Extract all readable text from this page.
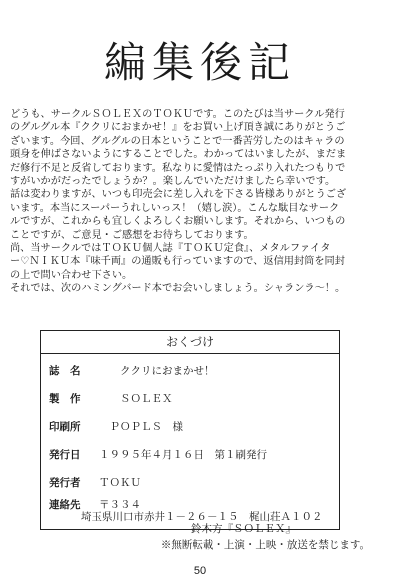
編集後記
どうも、サークルＳＯＬＥＸのＴＯＫＵです。このたびは当サークル発行
のグルグル本『ククリにおまかせ！』をお買い上げ頂き誠にありがとうご
ざいます。今回、グルグルの日本ということで一番苦労したのはキャラの
頭身を伸ばさないようにすることでした。わかってはいましたが、まだま
だ修行不足と反省しております。私なりに愛情はたっぷり入れたつもりで
すがいかがだったでしょうか？。楽しんでいただけましたら幸いです。
話は変わりますが、いつも印売会に差し入れを下さる皆様ありがとうござ
います。本当にスーパーうれしいっス！（嬉し涙）。こんな駄目なサーク
ルですが、これからも宜しくよろしくお願いします。それから、いつもの
ことですが、ご意見・ご感想をお待ちしております。
尚、当サークルではＴＯＫＵ個人誌『ＴＯＫＵ定食』、メタルファイタ
ー♡ＮＩＫＵ本『味千両』の通販も行っていますので、返信用封筒を同封
の上で問い合わせ下さい。
それでは、次のハミングバード本でお会いしましょう。シャランラ〜！。
おくづけ
誌　名　　	ククリにおまかせ！
製　作　　	ＳＯＬＥＸ
印刷所　	ＰＯＰＬＳ　様
発行日 １９９５年４月１６日　第１刷発行
発行者 ＴＯＫＵ
連絡先 〒３３４
埼玉県川口市赤井１－２６－１５　梶山荘Ａ１０２
鈴木方『ＳＯＬＥＸ』
※無断転載・上演・上映・放送を禁じます。
50
